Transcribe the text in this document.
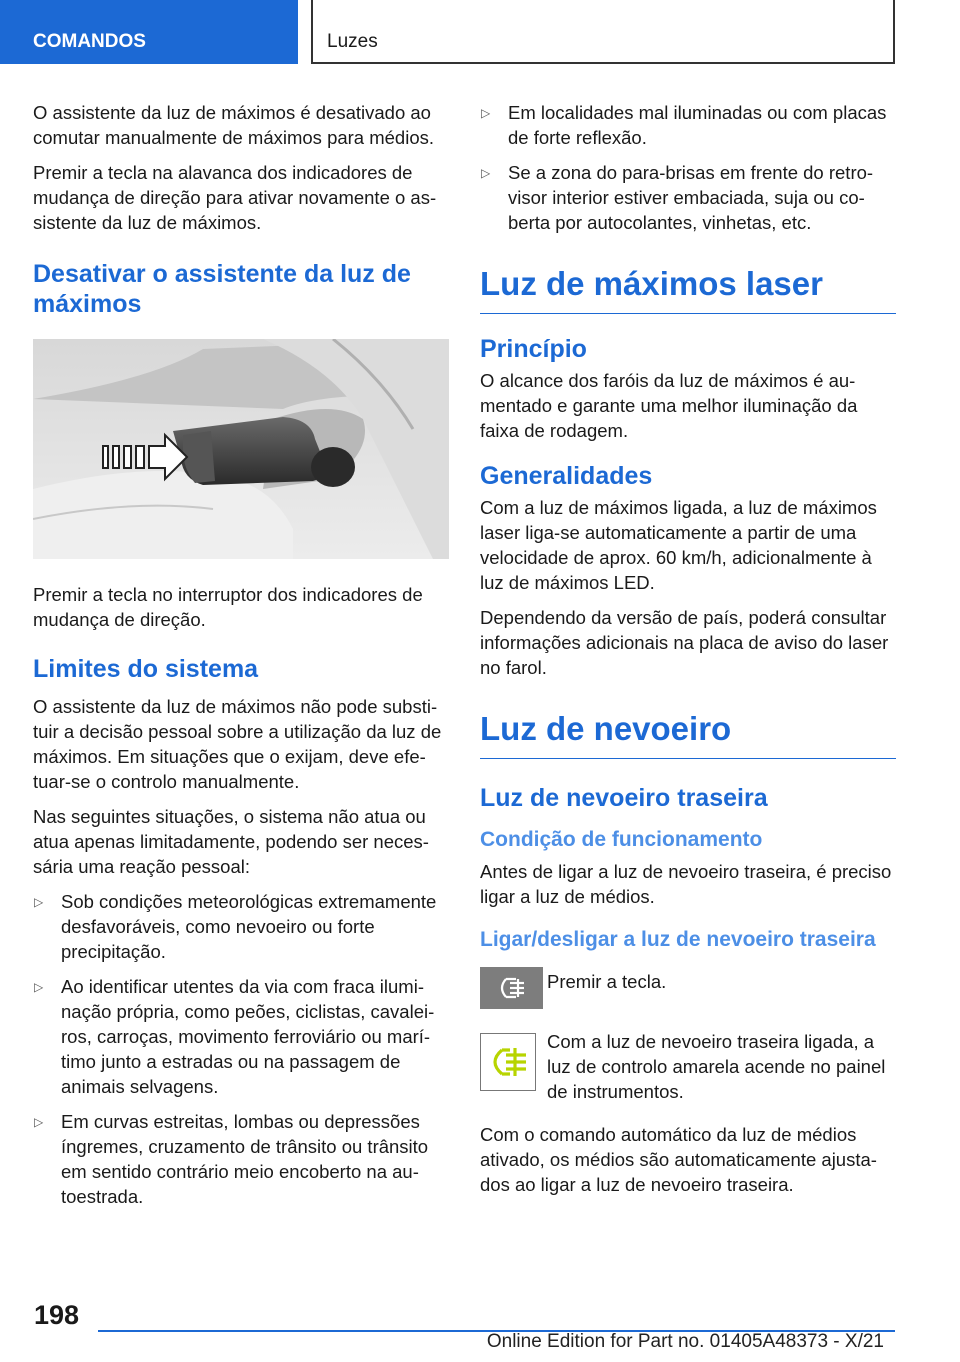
COMANDOS	Luzes

O assistente da luz de máximos é desativado ao comutar manualmente de máximos para médios.

Premir a tecla na alavanca dos indicadores de mudança de direção para ativar novamente o assistente da luz de máximos.

Desativar o assistente da luz de máximos

Premir a tecla no interruptor dos indicadores de mudança de direção.

Limites do sistema

O assistente da luz de máximos não pode substituir a decisão pessoal sobre a utilização da luz de máximos. Em situações que o exijam, deve efetuar-se o controlo manualmente.

Nas seguintes situações, o sistema não atua ou atua apenas limitadamente, podendo ser necessária uma reação pessoal:

▷ Sob condições meteorológicas extremamente desfavoráveis, como nevoeiro ou forte precipitação.
▷ Ao identificar utentes da via com fraca iluminação própria, como peões, ciclistas, cavaleiros, carroças, movimento ferroviário ou marítimo junto a estradas ou na passagem de animais selvagens.
▷ Em curvas estreitas, lombas ou depressões íngremes, cruzamento de trânsito ou trânsito em sentido contrário meio encoberto na autoestrada.
▷ Em localidades mal iluminadas ou com placas de forte reflexão.
▷ Se a zona do para-brisas em frente do retrovisor interior estiver embaciada, suja ou coberta por autocolantes, vinhetas, etc.
Luz de máximos laser
Princípio

O alcance dos faróis da luz de máximos é aumentado e garante uma melhor iluminação da faixa de rodagem.

Generalidades

Com a luz de máximos ligada, a luz de máximos laser liga-se automaticamente a partir de uma velocidade de aprox. 60 km/h, adicionalmente à luz de máximos LED.

Dependendo da versão de país, poderá consultar informações adicionais na placa de aviso do laser no farol.

Luz de nevoeiro
Luz de nevoeiro traseira
Condição de funcionamento

Antes de ligar a luz de nevoeiro traseira, é preciso ligar a luz de médios.

Ligar/desligar a luz de nevoeiro traseira

Premir a tecla.

Com a luz de nevoeiro traseira ligada, a luz de controlo amarela acende no painel de instrumentos.

Com o comando automático da luz de médios ativado, os médios são automaticamente ajustados ao ligar a luz de nevoeiro traseira.

198
Online Edition for Part no. 01405A48373 - X/21
